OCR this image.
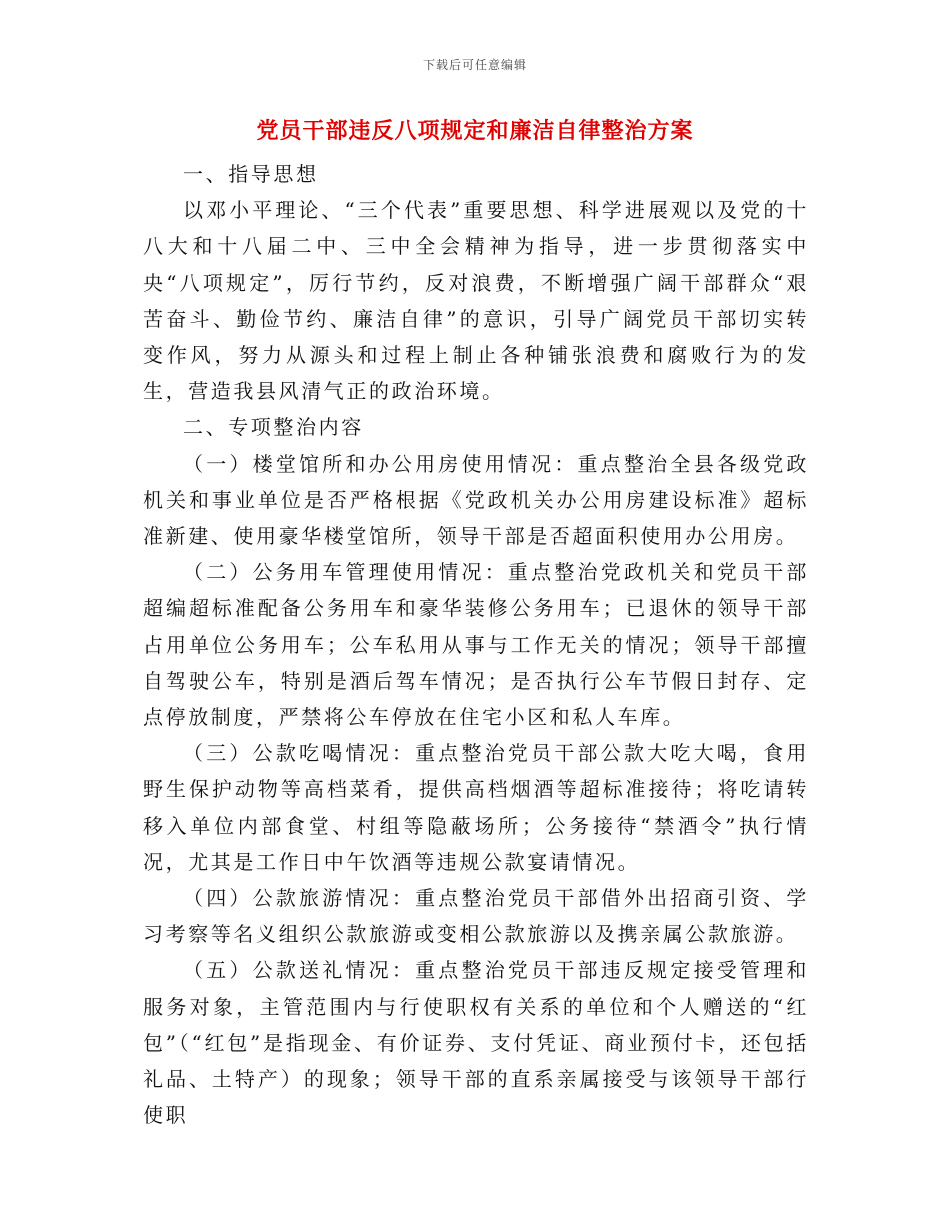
下载后可任意编辑
党员干部违反八项规定和廉洁自律整治方案

一、指导思想

以邓小平理论、“三个代表”重要思想、科学进展观以及党的十八大和十八届二中、三中全会精神为指导，进一步贯彻落实中央“八项规定”，厉行节约，反对浪费，不断增强广阔干部群众“艰苦奋斗、勤俭节约、廉洁自律”的意识，引导广阔党员干部切实转变作风，努力从源头和过程上制止各种铺张浪费和腐败行为的发生，营造我县风清气正的政治环境。

二、专项整治内容

（一）楼堂馆所和办公用房使用情况：重点整治全县各级党政机关和事业单位是否严格根据《党政机关办公用房建设标准》超标准新建、使用豪华楼堂馆所，领导干部是否超面积使用办公用房。

（二）公务用车管理使用情况：重点整治党政机关和党员干部超编超标准配备公务用车和豪华装修公务用车；已退休的领导干部占用单位公务用车；公车私用从事与工作无关的情况；领导干部擅自驾驶公车，特别是酒后驾车情况；是否执行公车节假日封存、定点停放制度，严禁将公车停放在住宅小区和私人车库。

（三）公款吃喝情况：重点整治党员干部公款大吃大喝，食用野生保护动物等高档菜肴，提供高档烟酒等超标准接待；将吃请转移入单位内部食堂、村组等隐蔽场所；公务接待“禁酒令”执行情况，尤其是工作日中午饮酒等违规公款宴请情况。

（四）公款旅游情况：重点整治党员干部借外出招商引资、学习考察等名义组织公款旅游或变相公款旅游以及携亲属公款旅游。

（五）公款送礼情况：重点整治党员干部违反规定接受管理和服务对象，主管范围内与行使职权有关系的单位和个人赠送的“红包”（“红包”是指现金、有价证券、支付凭证、商业预付卡，还包括礼品、土特产）的现象；领导干部的直系亲属接受与该领导干部行使职
